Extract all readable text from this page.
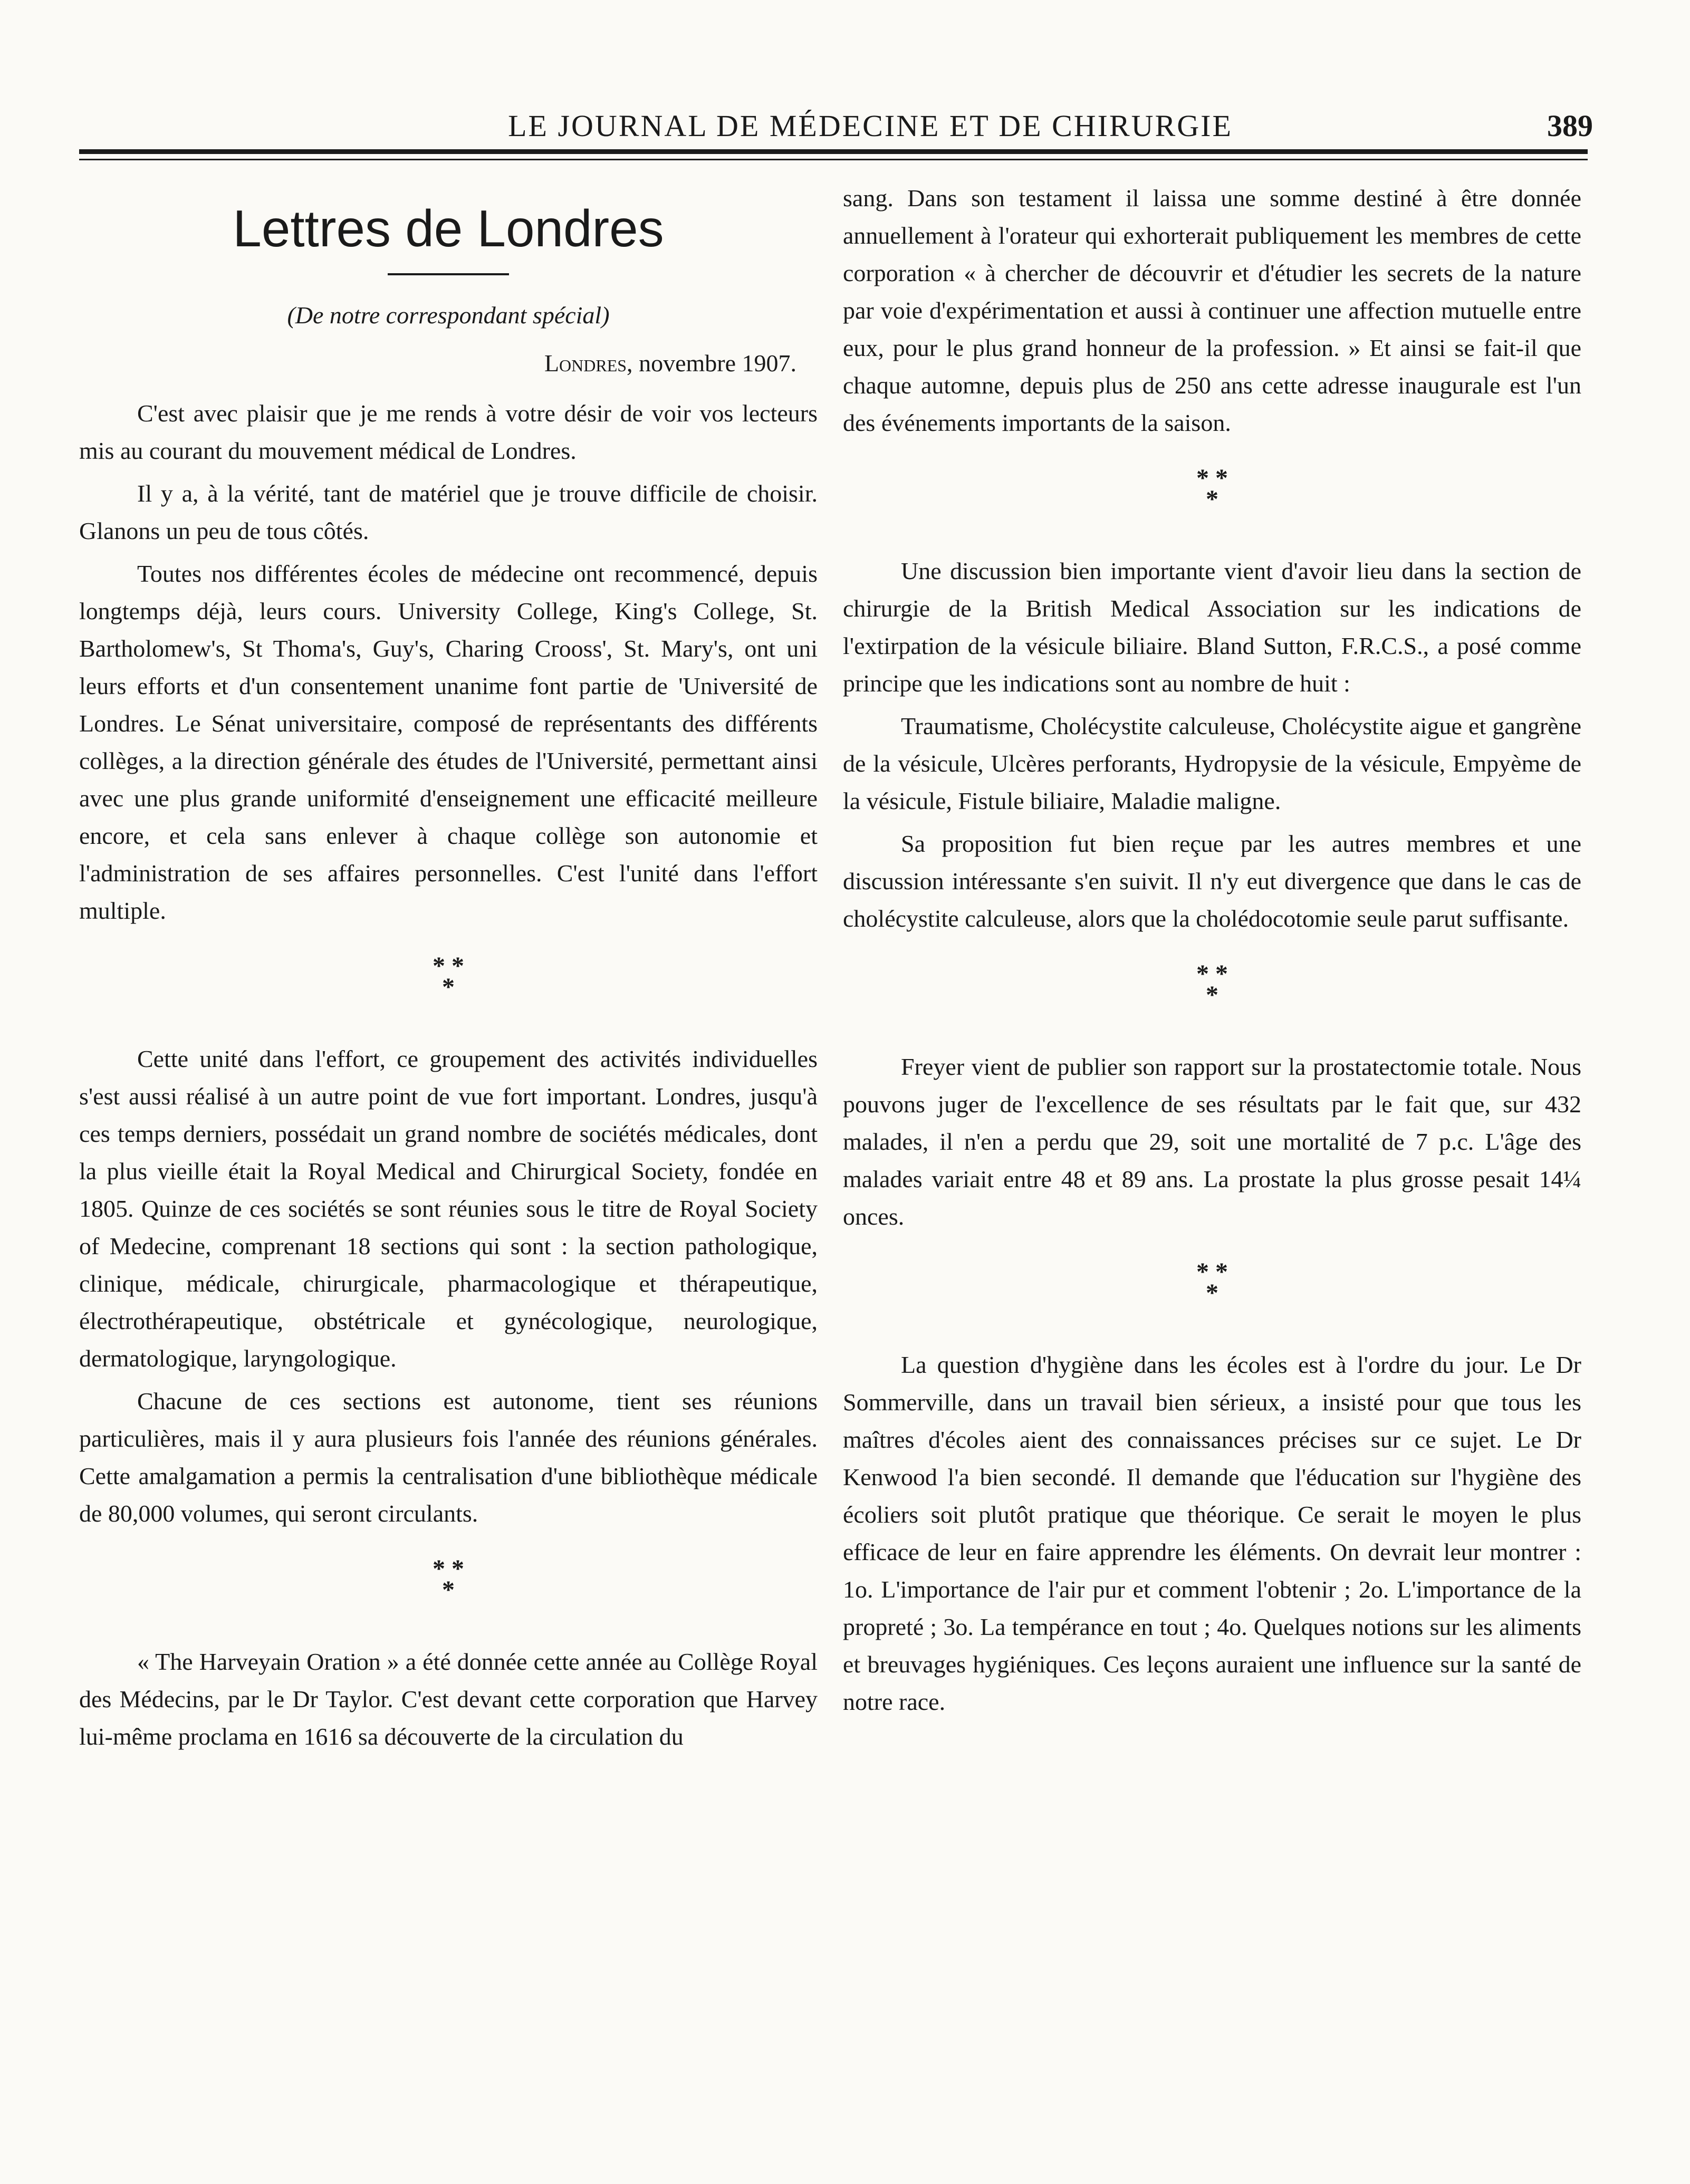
LE JOURNAL DE MÉDECINE ET DE CHIRURGIE	389
Lettres de Londres

(De notre correspondant spécial)

Londres, novembre 1907.

C'est avec plaisir que je me rends à votre désir de voir vos lecteurs mis au courant du mouvement médical de Londres.

Il y a, à la vérité, tant de matériel que je trouve difficile de choisir. Glanons un peu de tous côtés.

Toutes nos différentes écoles de médecine ont recommencé, depuis longtemps déjà, leurs cours. University College, King's College, St. Bartholomew's, St Thoma's, Guy's, Charing Crooss', St. Mary's, ont uni leurs efforts et d'un consentement unanime font partie de 'Université de Londres. Le Sénat universitaire, composé de représentants des différents collèges, a la direction générale des études de l'Université, permettant ainsi avec une plus grande uniformité d'enseignement une efficacité meilleure encore, et cela sans enlever à chaque collège son autonomie et l'administration de ses affaires personnelles. C'est l'unité dans l'effort multiple.

* *
*

Cette unité dans l'effort, ce groupement des activités individuelles s'est aussi réalisé à un autre point de vue fort important. Londres, jusqu'à ces temps derniers, possédait un grand nombre de sociétés médicales, dont la plus vieille était la Royal Medical and Chirurgical Society, fondée en 1805. Quinze de ces sociétés se sont réunies sous le titre de Royal Society of Medecine, comprenant 18 sections qui sont : la section pathologique, clinique, médicale, chirurgicale, pharmacologique et thérapeutique, électrothérapeutique, obstétricale et gynécologique, neurologique, dermatologique, laryngologique.

Chacune de ces sections est autonome, tient ses réunions particulières, mais il y aura plusieurs fois l'année des réunions générales. Cette amalgamation a permis la centralisation d'une bibliothèque médicale de 80,000 volumes, qui seront circulants.

* *
*

« The Harveyain Oration » a été donnée cette année au Collège Royal des Médecins, par le Dr Taylor. C'est devant cette corporation que Harvey lui-même proclama en 1616 sa découverte de la circulation du

sang. Dans son testament il laissa une somme destiné à être donnée annuellement à l'orateur qui exhorterait publiquement les membres de cette corporation « à chercher de découvrir et d'étudier les secrets de la nature par voie d'expérimentation et aussi à continuer une affection mutuelle entre eux, pour le plus grand honneur de la profession. » Et ainsi se fait-il que chaque automne, depuis plus de 250 ans cette adresse inaugurale est l'un des événements importants de la saison.

* *
*

Une discussion bien importante vient d'avoir lieu dans la section de chirurgie de la British Medical Association sur les indications de l'extirpation de la vésicule biliaire. Bland Sutton, F.R.C.S., a posé comme principe que les indications sont au nombre de huit :

Traumatisme, Cholécystite calculeuse, Cholécystite aigue et gangrène de la vésicule, Ulcères perforants, Hydropysie de la vésicule, Empyème de la vésicule, Fistule biliaire, Maladie maligne.

Sa proposition fut bien reçue par les autres membres et une discussion intéressante s'en suivit. Il n'y eut divergence que dans le cas de cholécystite calculeuse, alors que la cholédocotomie seule parut suffisante.

* *
*

Freyer vient de publier son rapport sur la prostatectomie totale. Nous pouvons juger de l'excellence de ses résultats par le fait que, sur 432 malades, il n'en a perdu que 29, soit une mortalité de 7 p.c. L'âge des malades variait entre 48 et 89 ans. La prostate la plus grosse pesait 14¼ onces.

* *
*

La question d'hygiène dans les écoles est à l'ordre du jour. Le Dr Sommerville, dans un travail bien sérieux, a insisté pour que tous les maîtres d'écoles aient des connaissances précises sur ce sujet. Le Dr Kenwood l'a bien secondé. Il demande que l'éducation sur l'hygiène des écoliers soit plutôt pratique que théorique. Ce serait le moyen le plus efficace de leur en faire apprendre les éléments. On devrait leur montrer : 1o. L'importance de l'air pur et comment l'obtenir ; 2o. L'importance de la propreté ; 3o. La tempérance en tout ; 4o. Quelques notions sur les aliments et breuvages hygiéniques. Ces leçons auraient une influence sur la santé de notre race.
